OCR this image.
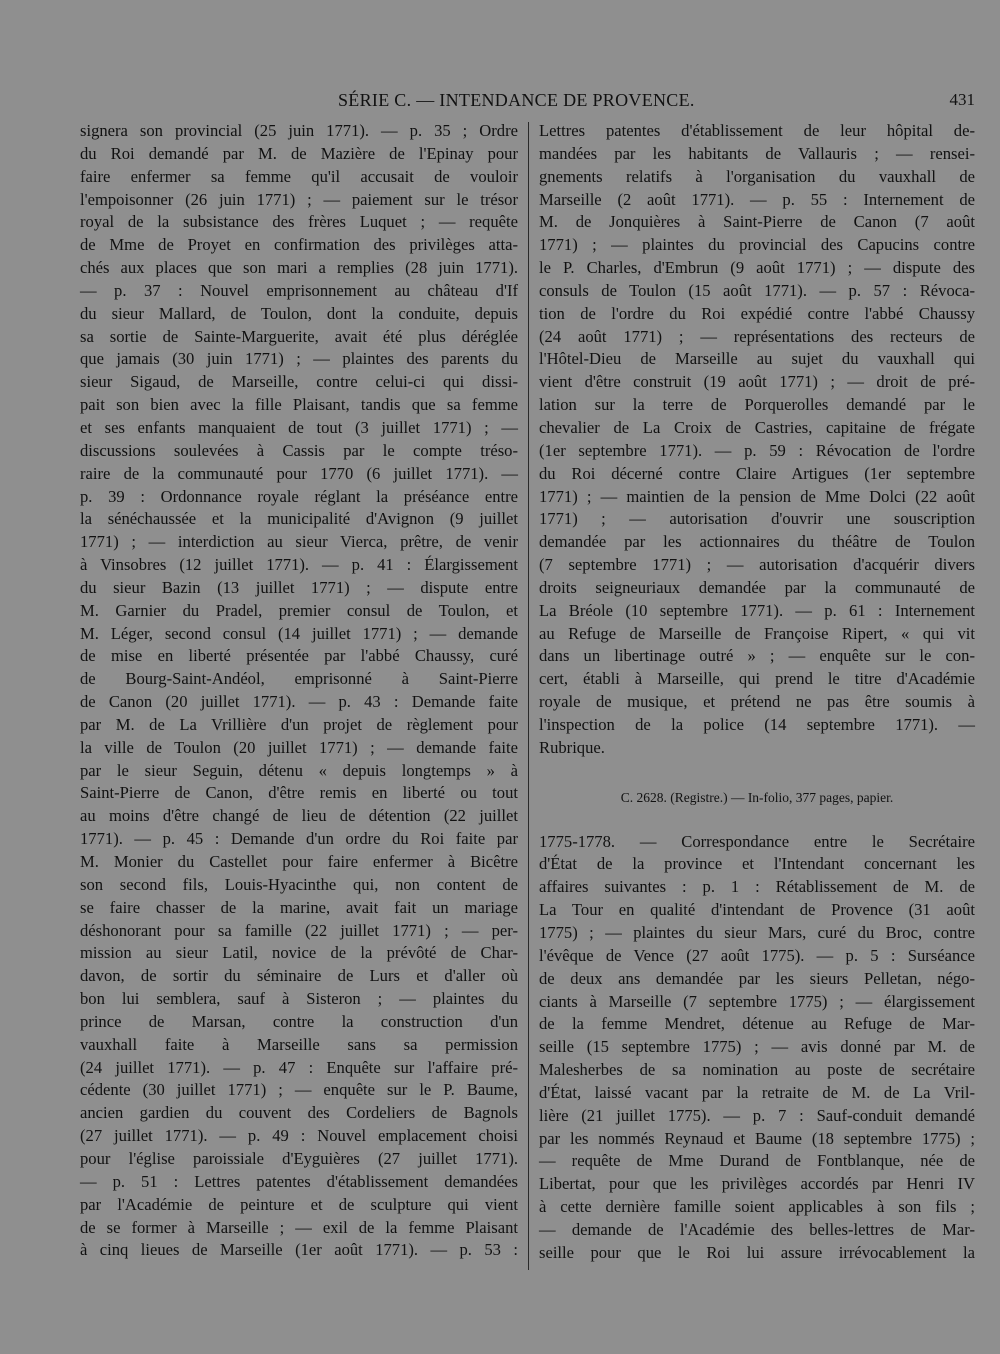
SÉRIE C. — INTENDANCE DE PROVENCE.	431
signera son provincial (25 juin 1771). — p. 35 ; Ordre
du Roi demandé par M. de Mazière de l'Epinay pour
faire enfermer sa femme qu'il accusait de vouloir
l'empoisonner (26 juin 1771) ; — paiement sur le trésor
royal de la subsistance des frères Luquet ; — requête
de Mme de Proyet en confirmation des privilèges atta-
chés aux places que son mari a remplies (28 juin 1771).
— p. 37 : Nouvel emprisonnement au château d'If
du sieur Mallard, de Toulon, dont la conduite, depuis
sa sortie de Sainte-Marguerite, avait été plus déréglée
que jamais (30 juin 1771) ; — plaintes des parents du
sieur Sigaud, de Marseille, contre celui-ci qui dissi-
pait son bien avec la fille Plaisant, tandis que sa femme
et ses enfants manquaient de tout (3 juillet 1771) ; —
discussions soulevées à Cassis par le compte tréso-
raire de la communauté pour 1770 (6 juillet 1771). —
p. 39 : Ordonnance royale réglant la préséance entre
la sénéchaussée et la municipalité d'Avignon (9 juillet
1771) ; — interdiction au sieur Vierca, prêtre, de venir
à Vinsobres (12 juillet 1771). — p. 41 : Élargissement
du sieur Bazin (13 juillet 1771) ; — dispute entre
M. Garnier du Pradel, premier consul de Toulon, et
M. Léger, second consul (14 juillet 1771) ; — demande
de mise en liberté présentée par l'abbé Chaussy, curé
de Bourg-Saint-Andéol, emprisonné à Saint-Pierre
de Canon (20 juillet 1771). — p. 43 : Demande faite
par M. de La Vrillière d'un projet de règlement pour
la ville de Toulon (20 juillet 1771) ; — demande faite
par le sieur Seguin, détenu « depuis longtemps » à
Saint-Pierre de Canon, d'être remis en liberté ou tout
au moins d'être changé de lieu de détention (22 juillet
1771). — p. 45 : Demande d'un ordre du Roi faite par
M. Monier du Castellet pour faire enfermer à Bicêtre
son second fils, Louis-Hyacinthe qui, non content de
se faire chasser de la marine, avait fait un mariage
déshonorant pour sa famille (22 juillet 1771) ; — per-
mission au sieur Latil, novice de la prévôté de Char-
davon, de sortir du séminaire de Lurs et d'aller où
bon lui semblera, sauf à Sisteron ; — plaintes du
prince de Marsan, contre la construction d'un
vauxhall faite à Marseille sans sa permission
(24 juillet 1771). — p. 47 : Enquête sur l'affaire pré-
cédente (30 juillet 1771) ; — enquête sur le P. Baume,
ancien gardien du couvent des Cordeliers de Bagnols
(27 juillet 1771). — p. 49 : Nouvel emplacement choisi
pour l'église paroissiale d'Eyguières (27 juillet 1771).
— p. 51 : Lettres patentes d'établissement demandées
par l'Académie de peinture et de sculpture qui vient
de se former à Marseille ; — exil de la femme Plaisant
à cinq lieues de Marseille (1er août 1771). — p. 53 :
Lettres patentes d'établissement de leur hôpital de-
mandées par les habitants de Vallauris ; — rensei-
gnements relatifs à l'organisation du vauxhall de
Marseille (2 août 1771). — p. 55 : Internement de
M. de Jonquières à Saint-Pierre de Canon (7 août
1771) ; — plaintes du provincial des Capucins contre
le P. Charles, d'Embrun (9 août 1771) ; — dispute des
consuls de Toulon (15 août 1771). — p. 57 : Révoca-
tion de l'ordre du Roi expédié contre l'abbé Chaussy
(24 août 1771) ; — représentations des recteurs de
l'Hôtel-Dieu de Marseille au sujet du vauxhall qui
vient d'être construit (19 août 1771) ; — droit de pré-
lation sur la terre de Porquerolles demandé par le
chevalier de La Croix de Castries, capitaine de frégate
(1er septembre 1771). — p. 59 : Révocation de l'ordre
du Roi décerné contre Claire Artigues (1er septembre
1771) ; — maintien de la pension de Mme Dolci (22 août
1771) ; — autorisation d'ouvrir une souscription
demandée par les actionnaires du théâtre de Toulon
(7 septembre 1771) ; — autorisation d'acquérir divers
droits seigneuriaux demandée par la communauté de
La Bréole (10 septembre 1771). — p. 61 : Internement
au Refuge de Marseille de Françoise Ripert, « qui vit
dans un libertinage outré » ; — enquête sur le con-
cert, établi à Marseille, qui prend le titre d'Académie
royale de musique, et prétend ne pas être soumis à
l'inspection de la police (14 septembre 1771). —
Rubrique.
C. 2628. (Registre.) — In-folio, 377 pages, papier.
1775-1778. — Correspondance entre le Secrétaire
d'État de la province et l'Intendant concernant les
affaires suivantes : p. 1 : Rétablissement de M. de
La Tour en qualité d'intendant de Provence (31 août
1775) ; — plaintes du sieur Mars, curé du Broc, contre
l'évêque de Vence (27 août 1775). — p. 5 : Surséance
de deux ans demandée par les sieurs Pelletan, négo-
ciants à Marseille (7 septembre 1775) ; — élargissement
de la femme Mendret, détenue au Refuge de Mar-
seille (15 septembre 1775) ; — avis donné par M. de
Malesherbes de sa nomination au poste de secrétaire
d'État, laissé vacant par la retraite de M. de La Vril-
lière (21 juillet 1775). — p. 7 : Sauf-conduit demandé
par les nommés Reynaud et Baume (18 septembre 1775) ;
— requête de Mme Durand de Fontblanque, née de
Libertat, pour que les privilèges accordés par Henri IV
à cette dernière famille soient applicables à son fils ;
— demande de l'Académie des belles-lettres de Mar-
seille pour que le Roi lui assure irrévocablement la
